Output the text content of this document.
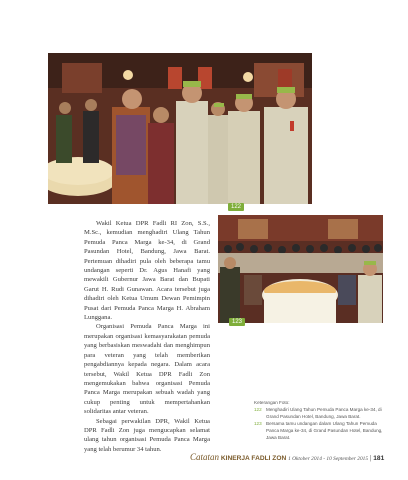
122
123

Wakil Ketua DPR Fadli RI Zon, S.S., M.Sc., kemudian menghadiri Ulang Tahun Pemuda Panca Marga ke-34, di Grand Pasundan Hotel, Bandung, Jawa Barat. Pertemuan dihadiri pula oleh beberapa tamu undangan seperti Dr. Agus Hanafi yang mewakili Gubernur Jawa Barat dan Bupati Garut H. Rudi Gunawan. Acara tersebut juga dihadiri oleh Ketua Umum Dewan Pemimpin Pusat dari Pemuda Panca Marga H. Abraham Lunggana.

Organisasi Pemuda Panca Marga ini merupakan organisasi kemasyarakatan pemuda yang berbasiskan meswadahi dan menghimpun para veteran yang telah memberikan pengabdiannya kepada negara. Dalam acara tersebut, Wakil Ketua DPR Fadli Zon mengemukakan bahwa organisasi Pemuda Panca Marga merupakan sebuah wadah yang cukup penting untuk mempertahankan solidaritas antar veteran.

Sebagai perwakilan DPR, Wakil Ketua DPR Fadli Zon juga mengucapkan selamat ulang tahun organisasi Pemuda Panca Marga yang telah berumur 34 tahun.

Keterangan Foto:
122 Menghadiri Ulang Tahun Pemuda Panca Marga ke-34, di Grand Pasundan Hotel, Bandung, Jawa Barat.
123 Bersama tamu undangan dalam Ulang Tahun Pemuda Panca Marga ke-34, di Grand Pasundan Hotel, Bandung, Jawa Barat.
Catatan KINERJA FADLI ZON 1 Oktober 2014 - 10 September 2015 | 181
